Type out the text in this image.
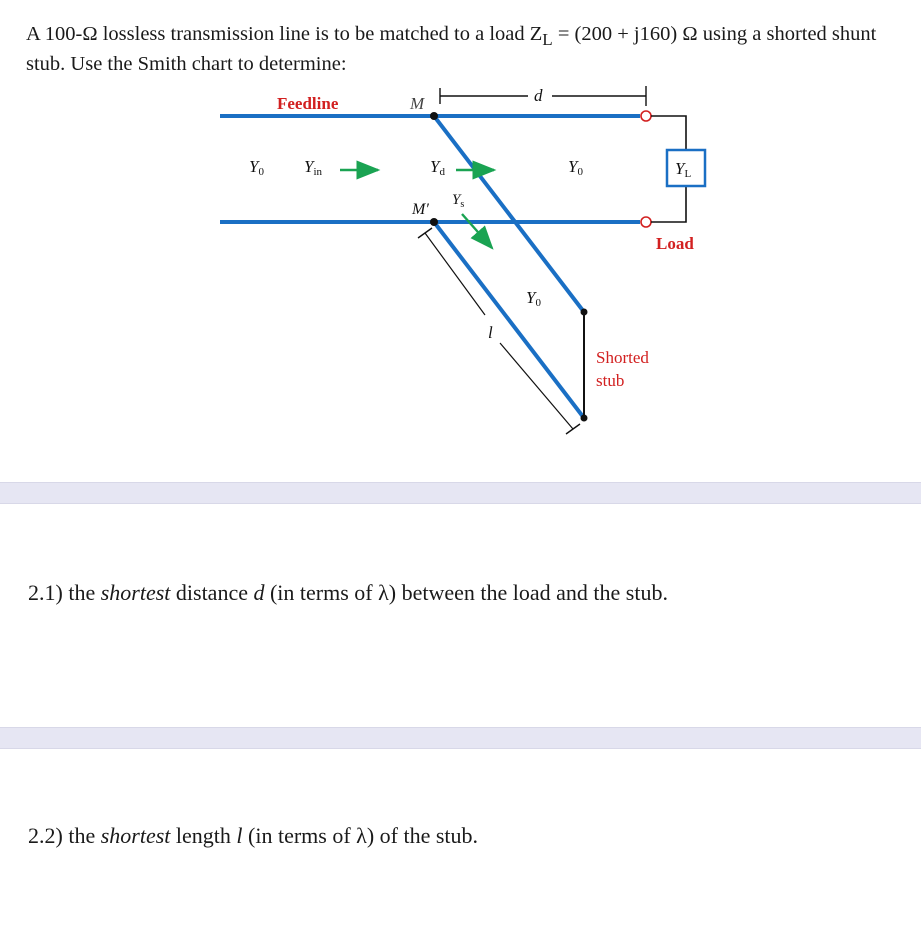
A 100-Ω lossless transmission line is to be matched to a load $Z_L = (200 + j160)$ Ω using a shorted shunt stub. Use the Smith chart to determine:

YL
d
l
Feedline	M
M′
Y0 Yin	Yd	Y0
$Y_s$
Y0
Load
Shorted
stub

2.1) the shortest distance d (in terms of λ) between the load and the stub.

2.2) the shortest length l (in terms of λ) of the stub.
